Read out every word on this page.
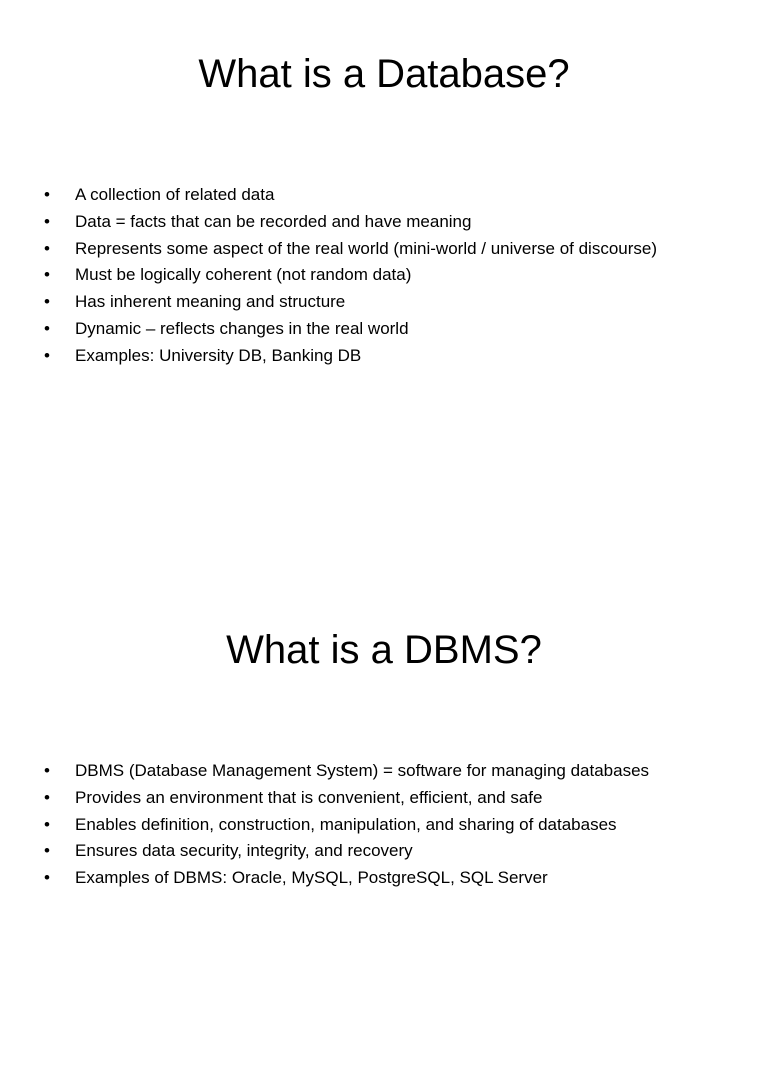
What is a Database?
•	A collection of related data
•	Data = facts that can be recorded and have meaning
•	Represents some aspect of the real world (mini-world / universe of discourse)
•	Must be logically coherent (not random data)
•	Has inherent meaning and structure
•	Dynamic – reflects changes in the real world
•	Examples: University DB, Banking DB
What is a DBMS?
•	DBMS (Database Management System) = software for managing databases
•	Provides an environment that is convenient, efficient, and safe
•	Enables definition, construction, manipulation, and sharing of databases
•	Ensures data security, integrity, and recovery
•	Examples of DBMS: Oracle, MySQL, PostgreSQL, SQL Server
